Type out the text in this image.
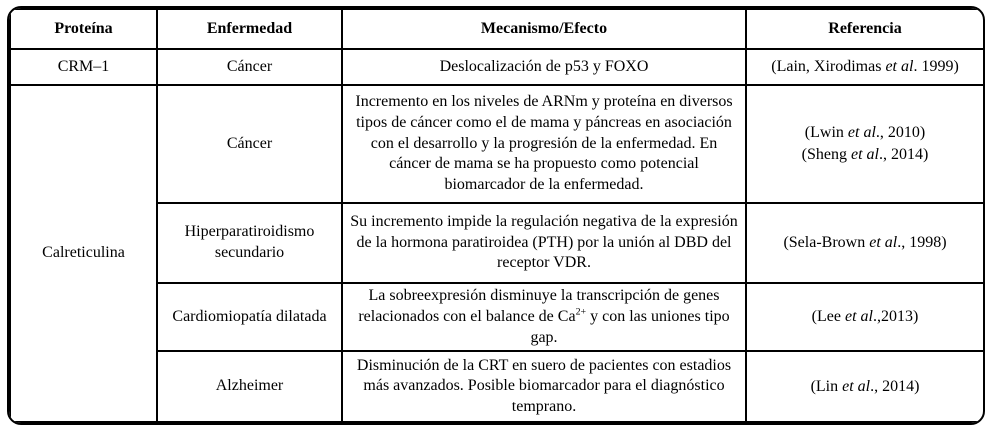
Proteína	Enfermedad	Mecanismo/Efecto	Referencia
CRM–1	Cáncer	Deslocalización de p53 y FOXO	(Lain, Xirodimas et al. 1999)

Calreticulina	Cáncer	Incremento en los niveles de ARNm y proteína en diversos tipos de cáncer como el de mama y páncreas en asociación con el desarrollo y la progresión de la enfermedad. En cáncer de mama se ha propuesto como potencial biomarcador de la enfermedad.	(Lwin et al., 2010)
(Sheng et al., 2014)

	Hiperparatiroidismo secundario	Su incremento impide la regulación negativa de la expresión de la hormona paratiroidea (PTH) por la unión al DBD del receptor VDR.	(Sela-Brown et al., 1998)

	Cardiomiopatía dilatada	La sobreexpresión disminuye la transcripción de genes relacionados con el balance de $Ca^{2+}$ y con las uniones tipo gap.	(Lee et al.,2013)

	Alzheimer	Disminución de la CRT en suero de pacientes con estadios más avanzados. Posible biomarcador para el diagnóstico temprano.	(Lin et al., 2014)
